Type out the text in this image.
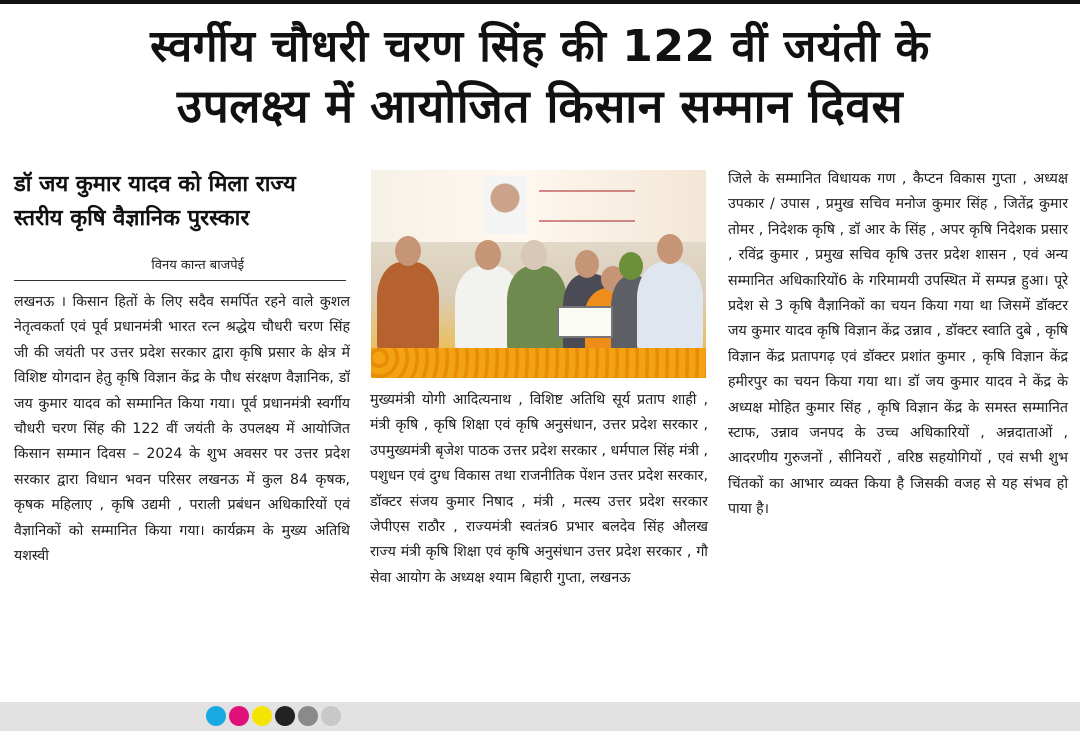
स्वर्गीय चौधरी चरण सिंह की 122 वीं जयंती के
उपलक्ष्य में आयोजित किसान सम्मान दिवस
डॉ जय कुमार यादव को मिला राज्य
स्तरीय कृषि वैज्ञानिक पुरस्कार
विनय कान्त बाजपेई
लखनऊ । किसान हितों के लिए सदैव समर्पित रहने वाले कुशल नेतृत्वकर्ता एवं पूर्व प्रधानमंत्री भारत रत्न श्रद्धेय चौधरी चरण सिंह जी की जयंती पर उत्तर प्रदेश सरकार द्वारा कृषि प्रसार के क्षेत्र में विशिष्ट योगदान हेतु कृषि विज्ञान केंद्र के पौध संरक्षण वैज्ञानिक, डॉ जय कुमार यादव को सम्मानित किया गया। पूर्व प्रधानमंत्री स्वर्गीय चौधरी चरण सिंह की 122 वीं जयंती के उपलक्ष्य में आयोजित किसान सम्मान दिवस – 2024 के शुभ अवसर पर उत्तर प्रदेश सरकार द्वारा विधान भवन परिसर लखनऊ में कुल 84 कृषक, कृषक महिलाए , कृषि उद्यमी , पराली प्रबंधन अधिकारियों एवं वैज्ञानिकों को सम्मानित किया गया। कार्यक्रम के मुख्य अतिथि यशस्वी
मुख्यमंत्री योगी आदित्यनाथ , विशिष्ट अतिथि सूर्य प्रताप शाही , मंत्री कृषि , कृषि शिक्षा एवं कृषि अनुसंधान, उत्तर प्रदेश सरकार , उपमुख्यमंत्री बृजेश पाठक उत्तर प्रदेश सरकार , धर्मपाल सिंह मंत्री , पशुधन एवं दुग्ध विकास तथा राजनीतिक पेंशन उत्तर प्रदेश सरकार, डॉक्टर संजय कुमार निषाद , मंत्री , मत्स्य उत्तर प्रदेश सरकार जेपीएस राठौर , राज्यमंत्री स्वतंत्र6 प्रभार बलदेव सिंह औलख राज्य मंत्री कृषि शिक्षा एवं कृषि अनुसंधान उत्तर प्रदेश सरकार , गौ सेवा आयोग के अध्यक्ष श्याम बिहारी गुप्ता, लखनऊ
जिले के सम्मानित विधायक गण , कैप्टन विकास गुप्ता , अध्यक्ष उपकार / उपास , प्रमुख सचिव मनोज कुमार सिंह , जितेंद्र कुमार तोमर , निदेशक कृषि , डॉ आर के सिंह , अपर कृषि निदेशक प्रसार , रविंद्र कुमार , प्रमुख सचिव कृषि उत्तर प्रदेश शासन , एवं अन्य सम्मानित अधिकारियों6 के गरिमामयी उपस्थित में सम्पन्न हुआ। पूरे प्रदेश से 3 कृषि वैज्ञानिकों का चयन किया गया था जिसमें डॉक्टर जय कुमार यादव कृषि विज्ञान केंद्र उन्नाव , डॉक्टर स्वाति दुबे , कृषि विज्ञान केंद्र प्रतापगढ़ एवं डॉक्टर प्रशांत कुमार , कृषि विज्ञान केंद्र हमीरपुर का चयन किया गया था। डॉ जय कुमार यादव ने केंद्र के अध्यक्ष मोहित कुमार सिंह , कृषि विज्ञान केंद्र के समस्त सम्मानित स्टाफ, उन्नाव जनपद के उच्च अधिकारियों , अन्नदाताओं , आदरणीय गुरुजनों , सीनियरों , वरिष्ठ सहयोगियों , एवं सभी शुभ चिंतकों का आभार व्यक्त किया है जिसकी वजह से यह संभव हो पाया है।
